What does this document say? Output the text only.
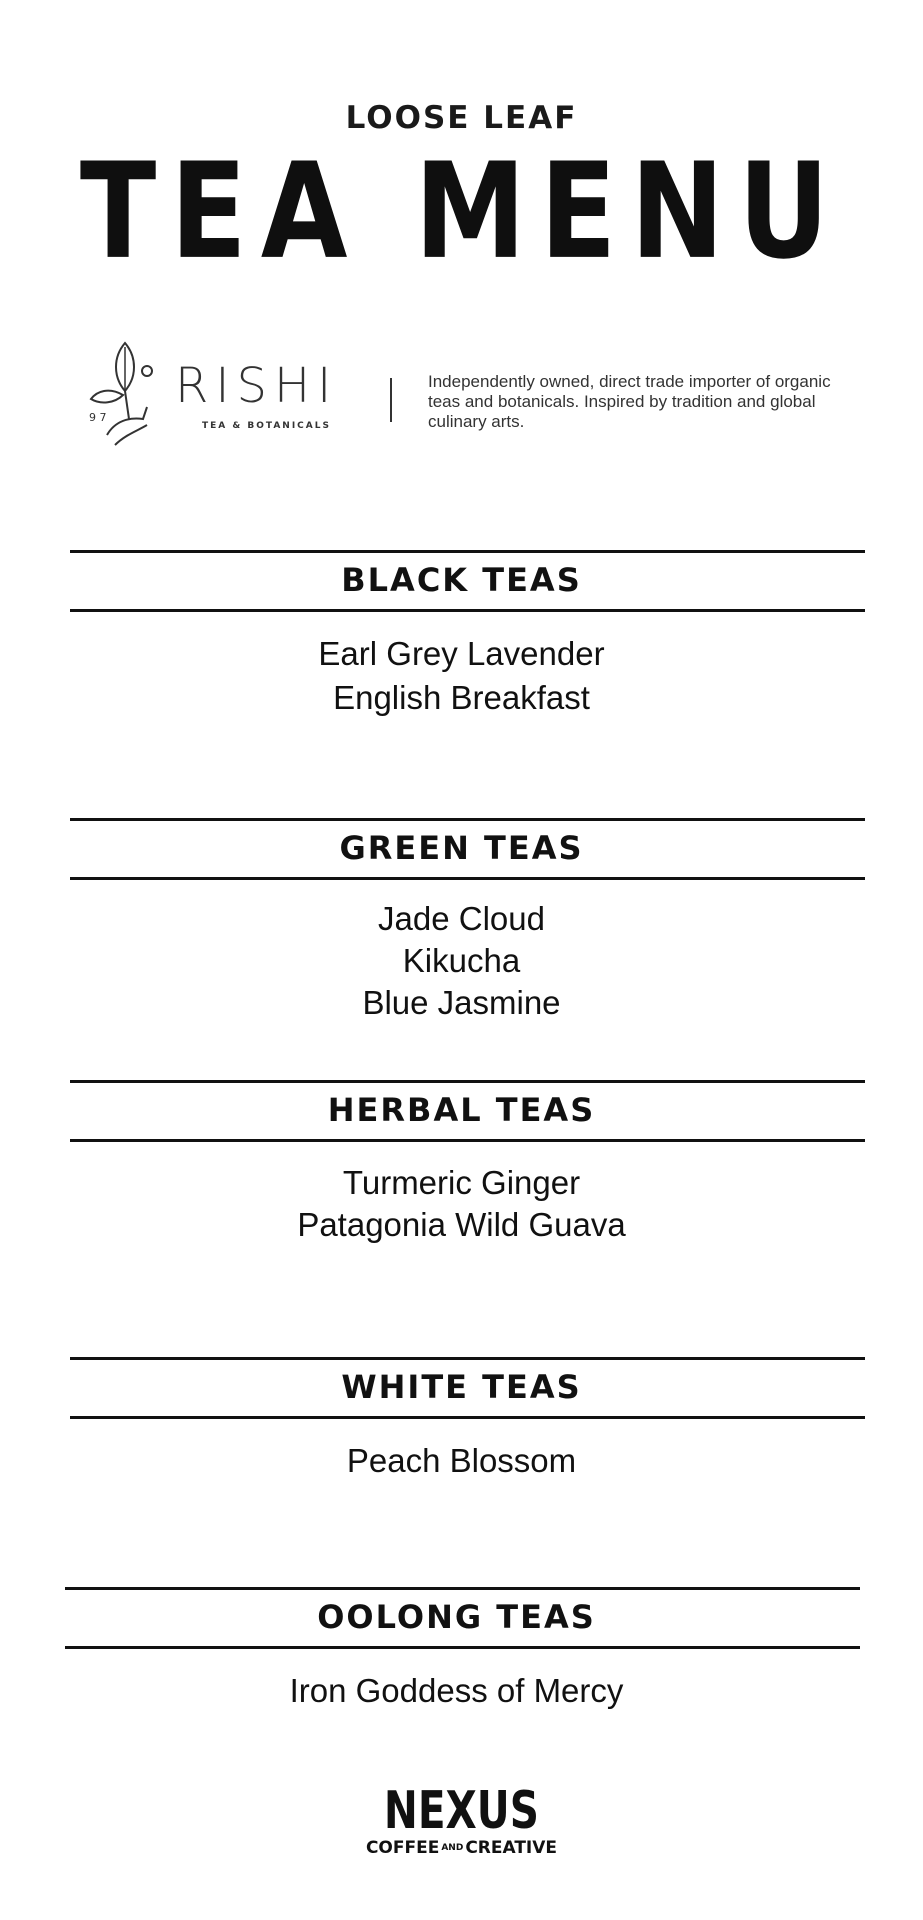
LOOSE LEAF
TEA MENU
9 7
RISHI
TEA & BOTANICALS
Independently owned, direct trade importer of organic teas and botanicals. Inspired by tradition and global culinary arts.
BLACK TEAS
Earl Grey Lavender
English Breakfast
GREEN TEAS
Jade Cloud
Kikucha
Blue Jasmine
HERBAL TEAS
Turmeric Ginger
Patagonia Wild Guava
WHITE TEAS
Peach Blossom
OOLONG TEAS
Iron Goddess of Mercy
NEXUS
COFFEE AND CREATIVE
